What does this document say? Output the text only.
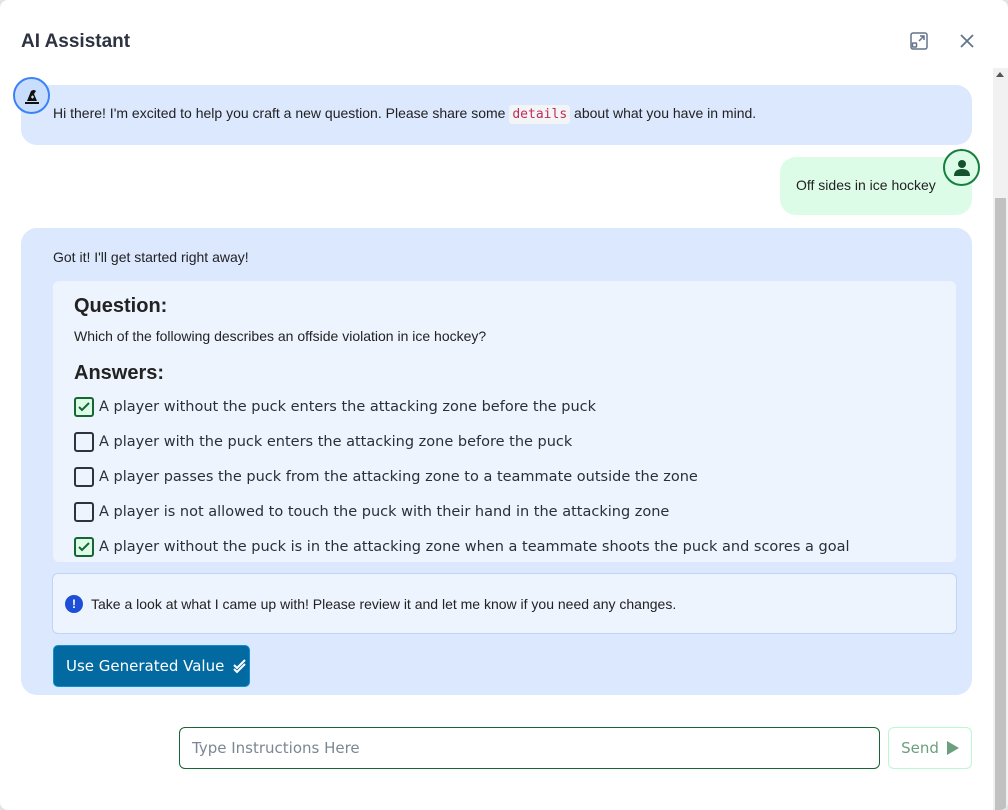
AI Assistant
Hi there! I'm excited to help you craft a new question. Please share some details about what you have in mind.
Off sides in ice hockey
Got it! I'll get started right away!
Question:
Which of the following describes an offside violation in ice hockey?
Answers:
A player without the puck enters the attacking zone before the puck
A player with the puck enters the attacking zone before the puck
A player passes the puck from the attacking zone to a teammate outside the zone
A player is not allowed to touch the puck with their hand in the attacking zone
A player without the puck is in the attacking zone when a teammate shoots the puck and scores a goal
!	Take a look at what I came up with! Please review it and let me know if you need any changes.
Use Generated Value
Type Instructions Here
Send
